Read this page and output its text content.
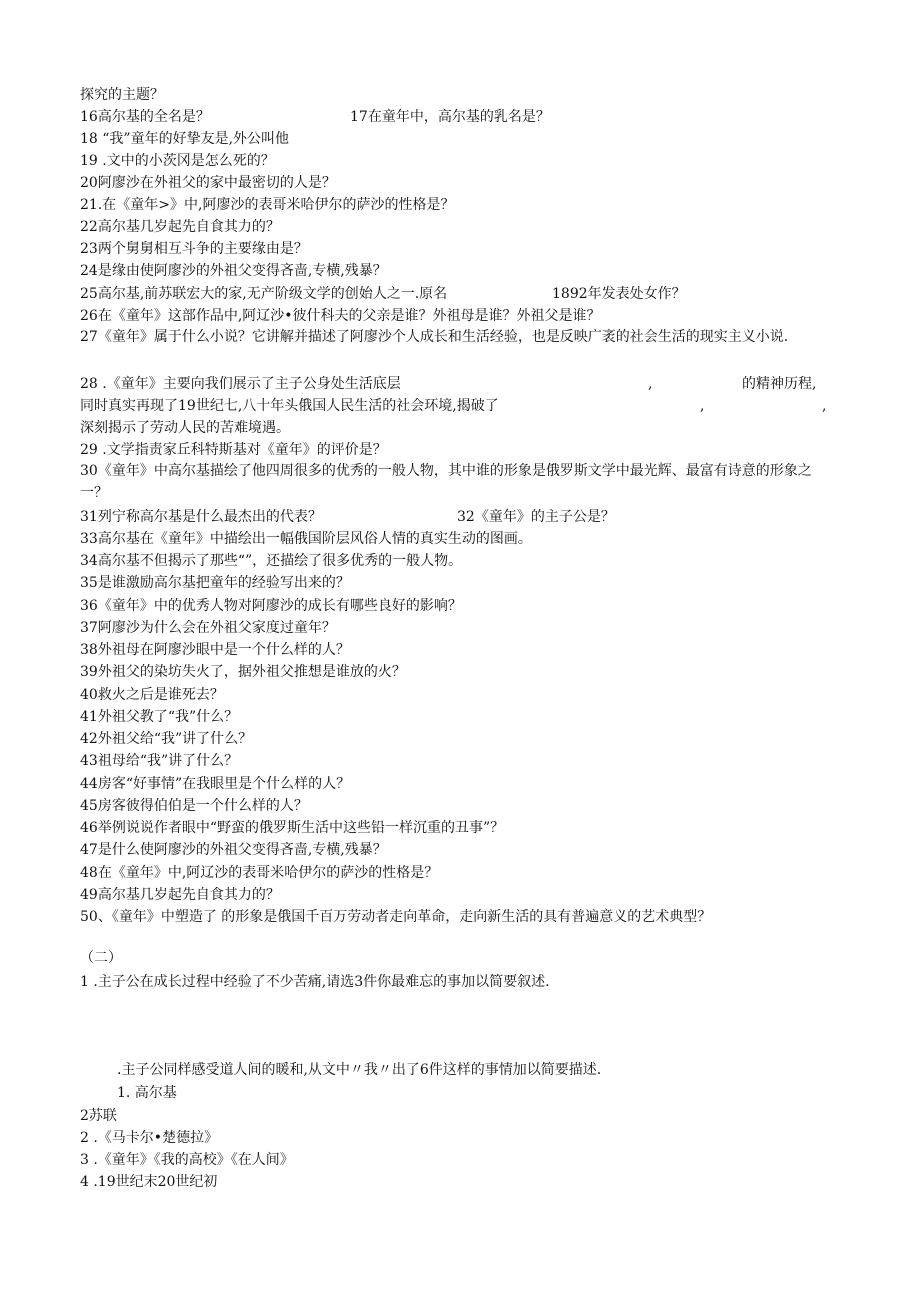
探究的主题？
16高尔基的全名是？	17在童年中，高尔基的乳名是？
18 “我”童年的好挚友是,外公叫他
19 .文中的小茨冈是怎么死的？
20阿廖沙在外祖父的家中最密切的人是？
21.在《童年>》中,阿廖沙的表哥米哈伊尔的萨沙的性格是？
22高尔基几岁起先自食其力的？
23两个舅舅相互斗争的主要缘由是？
24是缘由使阿廖沙的外祖父变得吝啬,专横,残暴？
25高尔基,前苏联宏大的家,无产阶级文学的创始人之一.原名	1892年发表处女作？
26在《童年》这部作品中,阿辽沙•彼什科夫的父亲是谁？外祖母是谁？外祖父是谁？
27《童年》属于什么小说？它讲解并描述了阿廖沙个人成长和生活经验，也是反映广袤的社会生活的现实主义小说.
28 .《童年》主要向我们展示了主子公身处生活底层	,	的精神历程,
同时真实再现了19世纪七,八十年头俄国人民生活的社会环境,揭破了	,	,
深刻揭示了劳动人民的苦难境遇。
29 .文学指责家丘科特斯基对《童年》的评价是？
30《童年》中高尔基描绘了他四周很多的优秀的一般人物，其中谁的形象是俄罗斯文学中最光辉、最富有诗意的形象之一？
31列宁称高尔基是什么最杰出的代表？	32《童年》的主子公是？
33高尔基在《童年》中描绘出一幅俄国阶层风俗人情的真实生动的图画。
34高尔基不但揭示了那些“”，还描绘了很多优秀的一般人物。
35是谁激励高尔基把童年的经验写出来的？
36《童年》中的优秀人物对阿廖沙的成长有哪些良好的影响？
37阿廖沙为什么会在外祖父家度过童年？
38外祖母在阿廖沙眼中是一个什么样的人？
39外祖父的染坊失火了，据外祖父推想是谁放的火？
40救火之后是谁死去？
41外祖父教了“我”什么？
42外祖父给“我”讲了什么？
43祖母给“我”讲了什么？
44房客“好事情”在我眼里是个什么样的人？
45房客彼得伯伯是一个什么样的人？
46举例说说作者眼中“野蛮的俄罗斯生活中这些铅一样沉重的丑事”？
47是什么使阿廖沙的外祖父变得吝啬,专横,残暴？
48在《童年》中,阿辽沙的表哥米哈伊尔的萨沙的性格是？
49高尔基几岁起先自食其力的？
50、《童年》中塑造了 的形象是俄国千百万劳动者走向革命，走向新生活的具有普遍意义的艺术典型？
（二）
1 .主子公在成长过程中经验了不少苦痛,请选3件你最难忘的事加以简要叙述.
.主子公同样感受道人间的暖和,从文中〃我〃出了6件这样的事情加以简要描述.
1. 高尔基
2苏联
2 .《马卡尔•楚德拉》
3 .《童年》《我的高校》《在人间》
4 .19世纪末20世纪初
